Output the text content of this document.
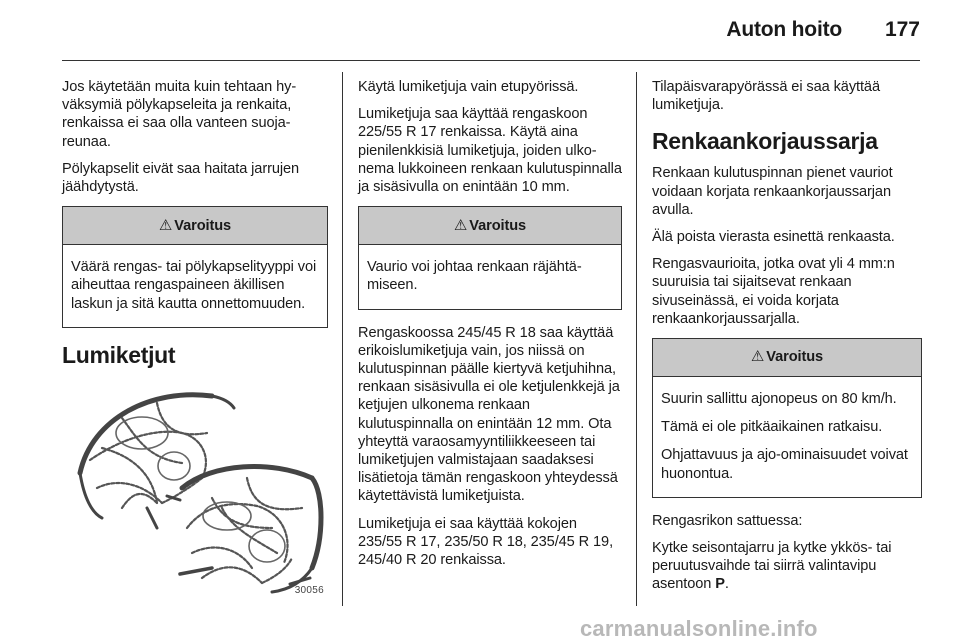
Auton hoito 177

Jos käytetään muita kuin tehtaan hyväksymiä pölykapseleita ja renkaita, renkaissa ei saa olla vanteen suojareunaa.

Pölykapselit eivät saa haitata jarrujen jäähdytystä.

⚠ Varoitus

Väärä rengas- tai pölykapselityyppi voi aiheuttaa rengaspaineen äkillisen laskun ja sitä kautta onnettomuuden.

Lumiketjut
30056

Käytä lumiketjuja vain etupyörissä.

Lumiketjuja saa käyttää rengaskoon 225/55 R 17 renkaissa. Käytä aina pienilenkkisiä lumiketjuja, joiden ulkonema lukkoineen renkaan kulutuspinnalla ja sisäsivulla on enintään 10 mm.

⚠ Varoitus

Vaurio voi johtaa renkaan räjähtämiseen.

Rengaskoossa 245/45 R 18 saa käyttää erikoislumiketjuja vain, jos niissä on kulutuspinnan päälle kiertyvä ketjuhihna, renkaan sisäsivulla ei ole ketjulenkkejä ja ketjujen ulkonema renkaan kulutuspinnalla on enintään 12 mm. Ota yhteyttä varaosamyyntiliikkeeseen tai lumiketjujen valmistajaan saadaksesi lisätietoja tämän rengaskoon yhteydessä käytettävistä lumiketjuista.

Lumiketjuja ei saa käyttää kokojen 235/55 R 17, 235/50 R 18, 235/45 R 19, 245/40 R 20 renkaissa.

Tilapäisvarapyörässä ei saa käyttää lumiketjuja.

Renkaankorjaussarja

Renkaan kulutuspinnan pienet vauriot voidaan korjata renkaankorjaussarjan avulla.

Älä poista vierasta esinettä renkaasta.

Rengasvaurioita, jotka ovat yli 4 mm:n suuruisia tai sijaitsevat renkaan sivuseinässä, ei voida korjata renkaankorjaussarjalla.

⚠ Varoitus

Suurin sallittu ajonopeus on 80 km/h.

Tämä ei ole pitkäaikainen ratkaisu.

Ohjattavuus ja ajo-ominaisuudet voivat huonontua.

Rengasrikon sattuessa:

Kytke seisontajarru ja kytke ykkös- tai peruutusvaihde tai siirrä valintavipu asentoon P.

carmanualsonline.info
